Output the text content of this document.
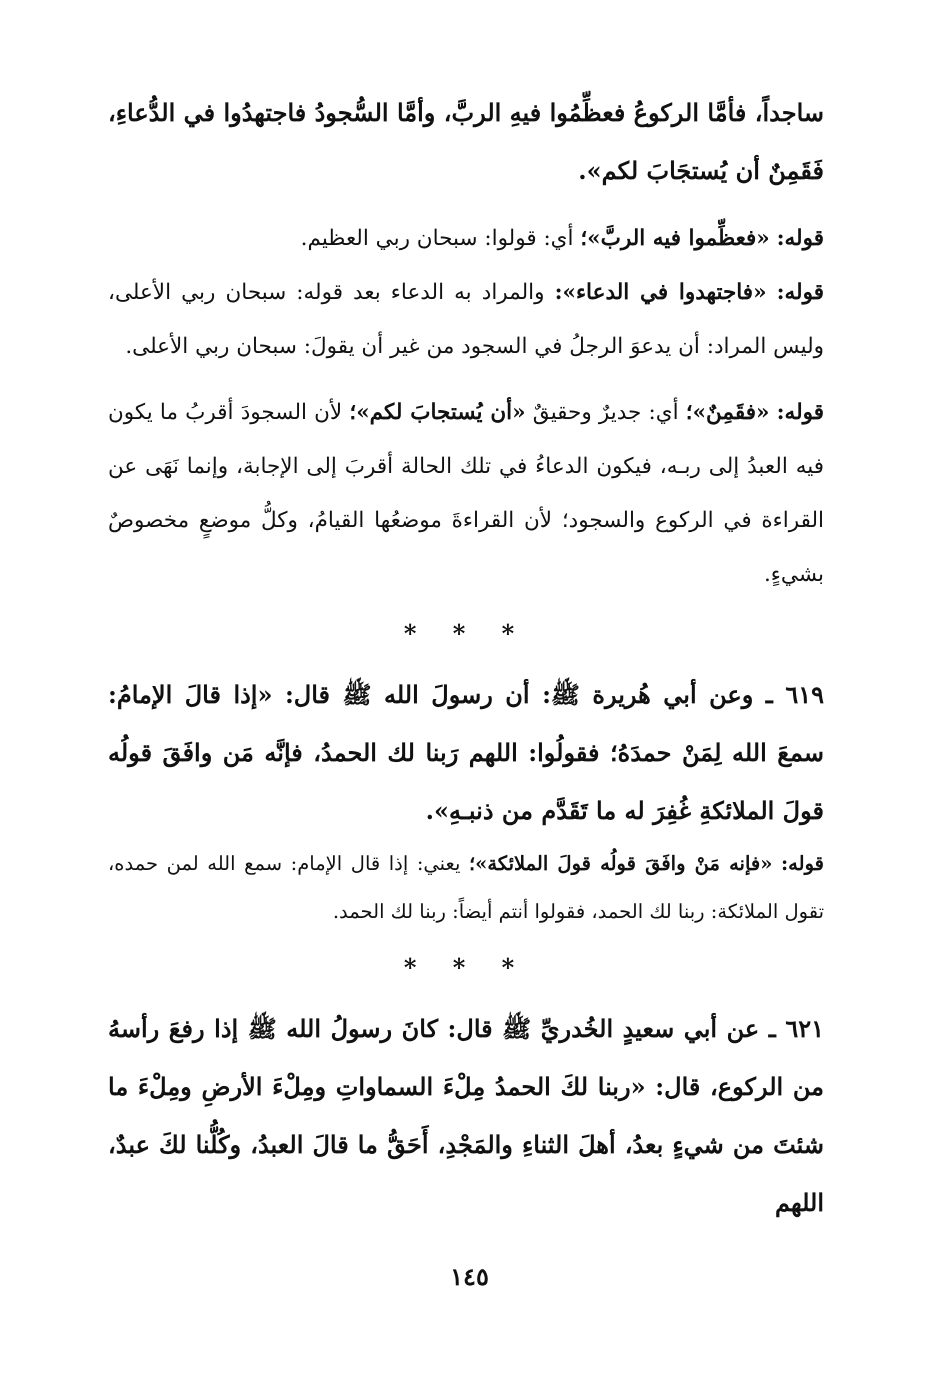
ساجداً، فأمَّا الركوعُ فعظِّمُوا فيهِ الربَّ، وأمَّا السُّجودُ فاجتهدُوا في الدُّعاءِ، فَقَمِنٌ أن يُستجَابَ لكم».

قوله: «فعظِّموا فيه الربَّ»؛ أي: قولوا: سبحان ربي العظيم.

قوله: «فاجتهدوا في الدعاء»: والمراد به الدعاء بعد قوله: سبحان ربي الأعلى، وليس المراد: أن يدعوَ الرجلُ في السجود من غير أن يقولَ: سبحان ربي الأعلى.

قوله: «فقَمِنٌ»؛ أي: جديرٌ وحقيقٌ «أن يُستجابَ لكم»؛ لأن السجودَ أقربُ ما يكون فيه العبدُ إلى ربـه، فيكون الدعاءُ في تلك الحالة أقربَ إلى الإجابة، وإنما نَهَى عن القراءة في الركوع والسجود؛ لأن القراءةَ موضعُها القيامُ، وكلُّ موضعٍ مخصوصٌ بشيءٍ.

* * *

٦١٩ ـ وعن أبي هُريرة ﷺ: أن رسولَ الله ﷺ قال: «إذا قالَ الإمامُ: سمعَ الله لِمَنْ حمدَهُ؛ فقولُوا: اللهم رَبنا لك الحمدُ، فإنَّه مَن وافَقَ قولُه قولَ الملائكةِ غُفِرَ له ما تَقَدَّم من ذنبـهِ».

قوله: «فإنه مَنْ وافَقَ قولُه قولَ الملائكة»؛ يعني: إذا قال الإمام: سمع الله لمن حمده، تقول الملائكة: ربنا لك الحمد، فقولوا أنتم أيضاً: ربنا لك الحمد.

* * *

٦٢١ ـ عن أبي سعيدٍ الخُدريِّ ﷺ قال: كانَ رسولُ الله ﷺ إذا رفعَ رأسهُ من الركوع، قال: «ربنا لكَ الحمدُ مِلْءَ السماواتِ ومِلْءَ الأرضِ ومِلْءَ ما شئتَ من شيءٍ بعدُ، أهلَ الثناءِ والمَجْدِ، أَحَقُّ ما قالَ العبدُ، وكُلُّنا لكَ عبدٌ، اللهم

١٤٥
